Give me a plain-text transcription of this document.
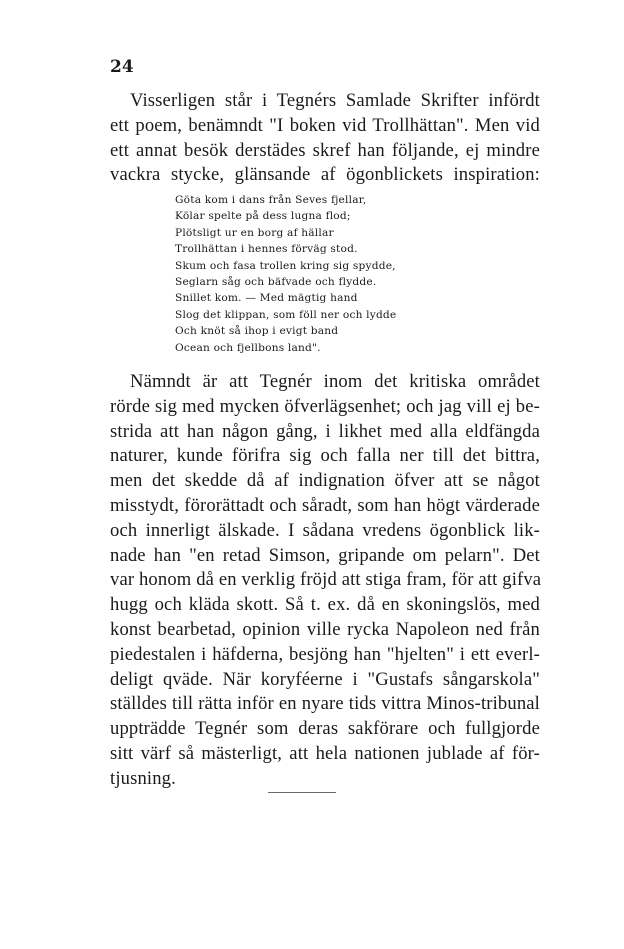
24
Visserligen står i Tegnérs Samlade Skrifter infördt
ett poem, benämndt "I boken vid Trollhättan". Men vid
ett annat besök derstädes skref han följande, ej mindre
vackra stycke, glänsande af ögonblickets inspiration:
Göta kom i dans från Seves fjellar,
Kölar spelte på dess lugna flod;
Plötsligt ur en borg af hällar
Trollhättan i hennes förväg stod.
Skum och fasa trollen kring sig spydde,
Seglarn såg och bäfvade och flydde.
Snillet kom. — Med mägtig hand
Slog det klippan, som föll ner och lydde
Och knöt så ihop i evigt band
Ocean och fjellbons land".
Nämndt är att Tegnér inom det kritiska området
rörde sig med mycken öfverlägsenhet; och jag vill ej be-
strida att han någon gång, i likhet med alla eldfängda
naturer, kunde förifra sig och falla ner till det bittra,
men det skedde då af indignation öfver att se något
misstydt, förorättadt och såradt, som han högt värderade
och innerligt älskade. I sådana vredens ögonblick lik-
nade han "en retad Simson, gripande om pelarn". Det
var honom då en verklig fröjd att stiga fram, för att gifva
hugg och kläda skott. Så t. ex. då en skoningslös, med
konst bearbetad, opinion ville rycka Napoleon ned från
piedestalen i häfderna, besjöng han "hjelten" i ett everl-
deligt qväde. När koryféerne i "Gustafs sångarskola"
ställdes till rätta inför en nyare tids vittra Minos-tribunal
uppträdde Tegnér som deras sakförare och fullgjorde
sitt värf så mästerligt, att hela nationen jublade af för-
tjusning.
